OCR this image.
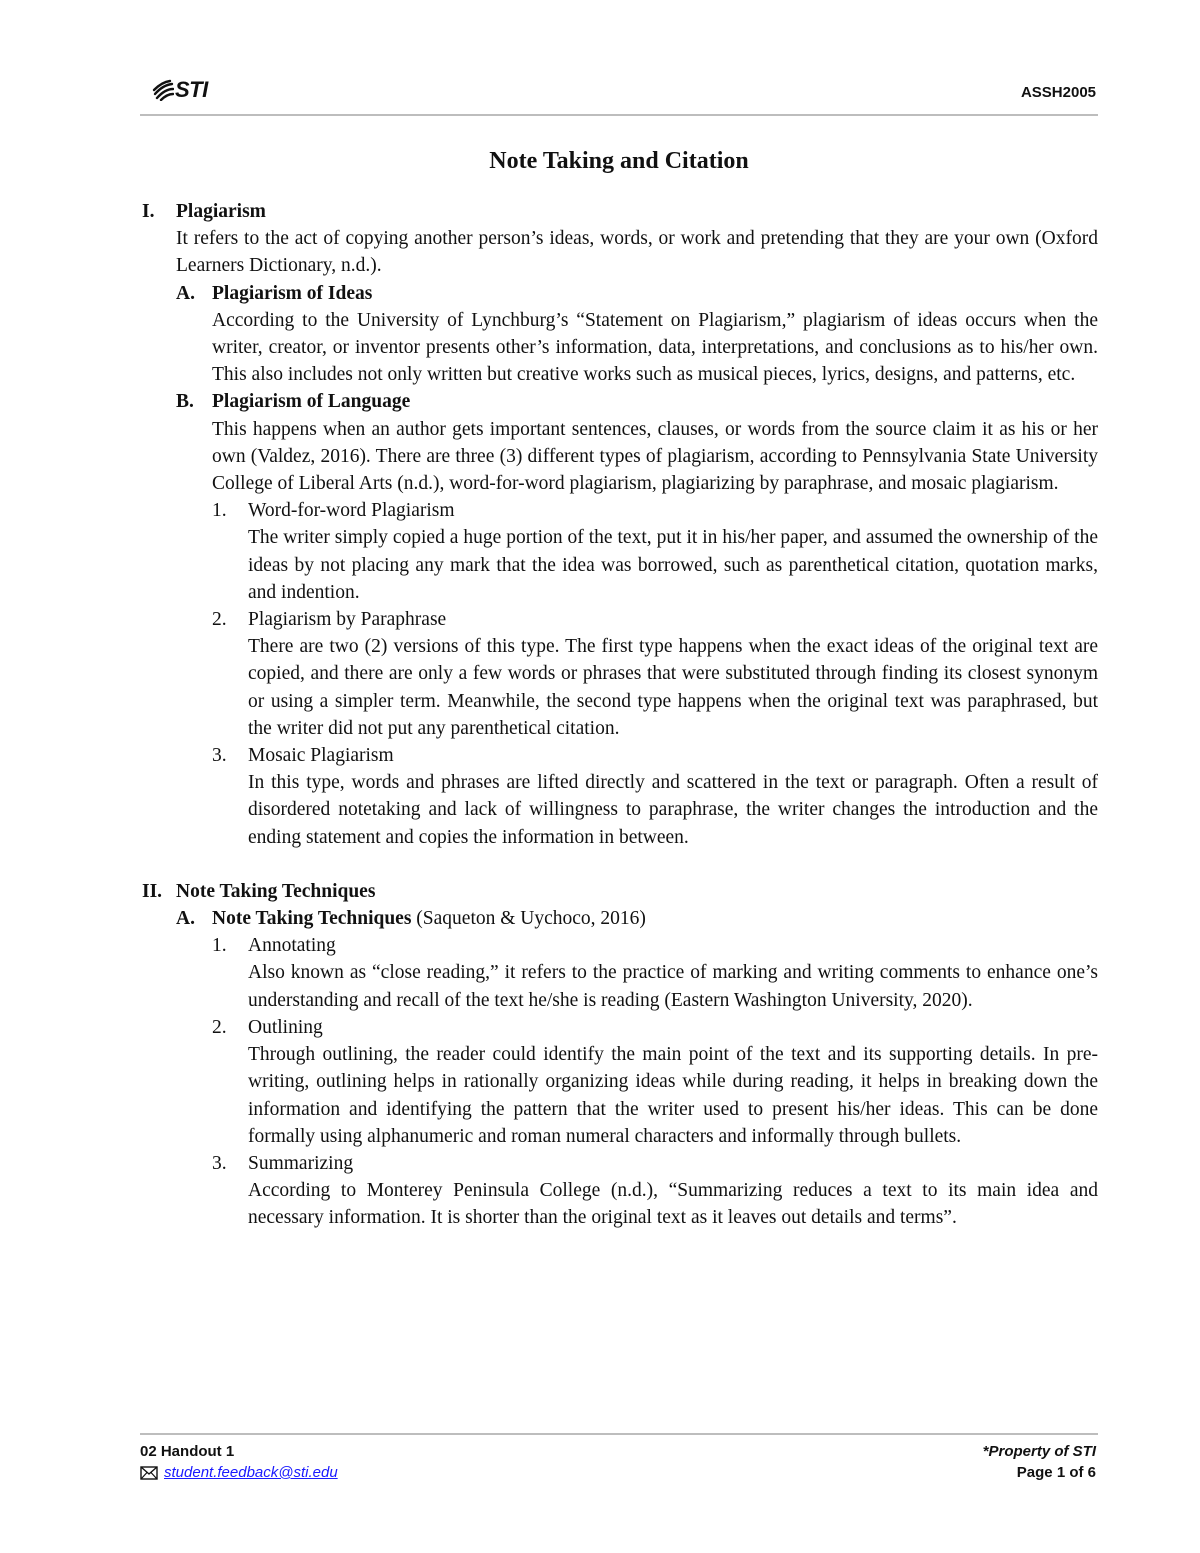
STI	ASSH2005
Note Taking and Citation
I. Plagiarism
It refers to the act of copying another person’s ideas, words, or work and pretending that they are your own (Oxford Learners Dictionary, n.d.).
A. Plagiarism of Ideas
According to the University of Lynchburg’s “Statement on Plagiarism,” plagiarism of ideas occurs when the writer, creator, or inventor presents other’s information, data, interpretations, and conclusions as to his/her own. This also includes not only written but creative works such as musical pieces, lyrics, designs, and patterns, etc.
B. Plagiarism of Language
This happens when an author gets important sentences, clauses, or words from the source claim it as his or her own (Valdez, 2016). There are three (3) different types of plagiarism, according to Pennsylvania State University College of Liberal Arts (n.d.), word-for-word plagiarism, plagiarizing by paraphrase, and mosaic plagiarism.
1. Word-for-word Plagiarism
The writer simply copied a huge portion of the text, put it in his/her paper, and assumed the ownership of the ideas by not placing any mark that the idea was borrowed, such as parenthetical citation, quotation marks, and indention.
2. Plagiarism by Paraphrase
There are two (2) versions of this type. The first type happens when the exact ideas of the original text are copied, and there are only a few words or phrases that were substituted through finding its closest synonym or using a simpler term. Meanwhile, the second type happens when the original text was paraphrased, but the writer did not put any parenthetical citation.
3. Mosaic Plagiarism
In this type, words and phrases are lifted directly and scattered in the text or paragraph. Often a result of disordered notetaking and lack of willingness to paraphrase, the writer changes the introduction and the ending statement and copies the information in between.
II. Note Taking Techniques
A. Note Taking Techniques (Saqueton & Uychoco, 2016)
1. Annotating
Also known as “close reading,” it refers to the practice of marking and writing comments to enhance one’s understanding and recall of the text he/she is reading (Eastern Washington University, 2020).
2. Outlining
Through outlining, the reader could identify the main point of the text and its supporting details. In pre-writing, outlining helps in rationally organizing ideas while during reading, it helps in breaking down the information and identifying the pattern that the writer used to present his/her ideas. This can be done formally using alphanumeric and roman numeral characters and informally through bullets.
3. Summarizing
According to Monterey Peninsula College (n.d.), “Summarizing reduces a text to its main idea and necessary information. It is shorter than the original text as it leaves out details and terms”.
02 Handout 1
student.feedback@sti.edu
*Property of STI
Page 1 of 6
